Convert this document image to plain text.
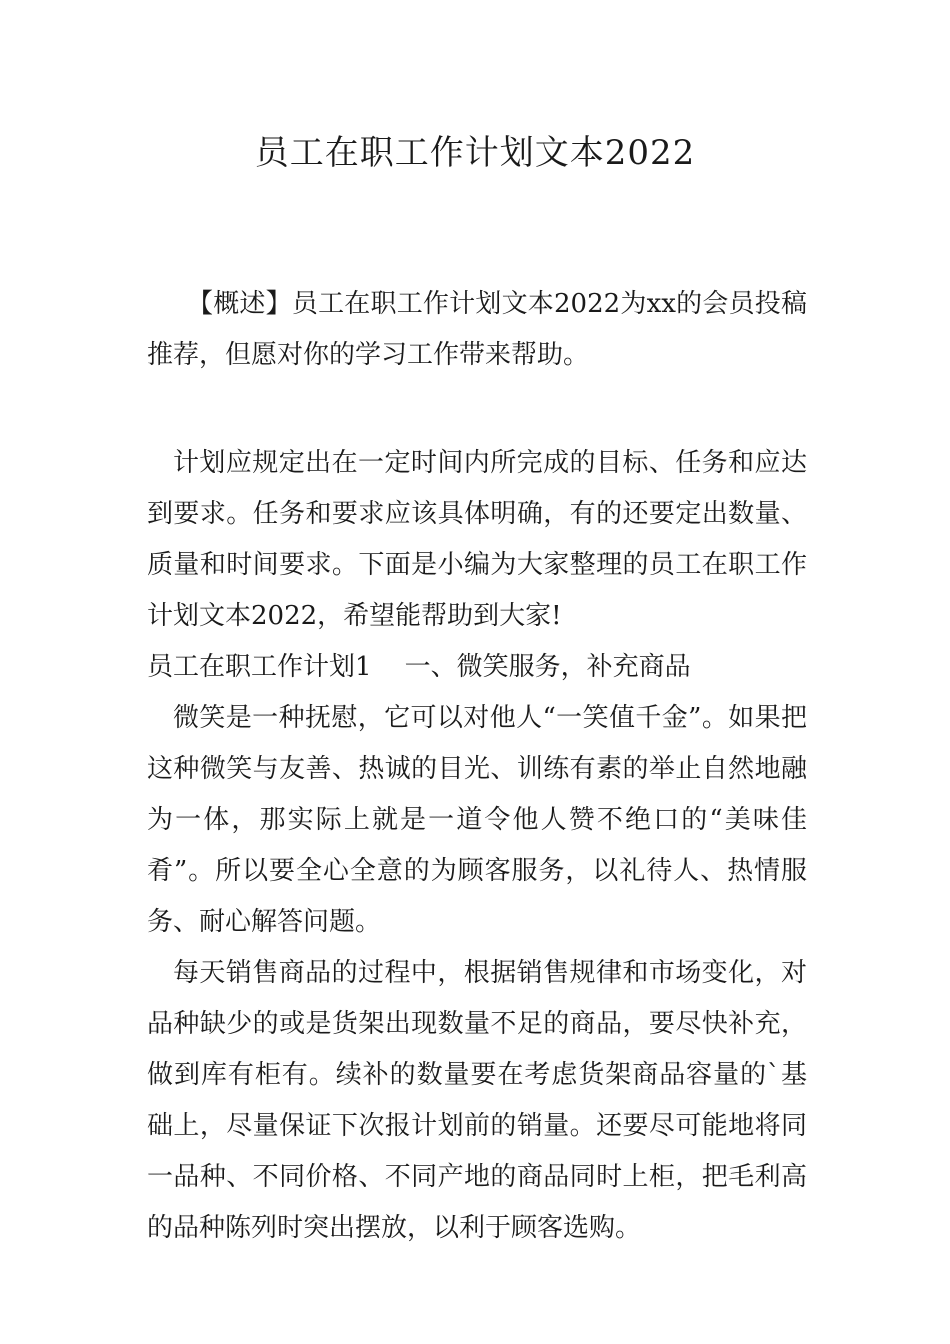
员工在职工作计划文本2022

【概述】员工在职工作计划文本2022为xx的会员投稿推荐，但愿对你的学习工作带来帮助。

计划应规定出在一定时间内所完成的目标、任务和应达到要求。任务和要求应该具体明确，有的还要定出数量、质量和时间要求。下面是小编为大家整理的员工在职工作计划文本2022，希望能帮助到大家!

员工在职工作计划1    一、微笑服务，补充商品

微笑是一种抚慰，它可以对他人“一笑值千金”。如果把这种微笑与友善、热诚的目光、训练有素的举止自然地融为一体，那实际上就是一道令他人赞不绝口的“美味佳肴”。所以要全心全意的为顾客服务，以礼待人、热情服务、耐心解答问题。

每天销售商品的过程中，根据销售规律和市场变化，对品种缺少的或是货架出现数量不足的商品，要尽快补充，做到库有柜有。续补的数量要在考虑货架商品容量的`基础上，尽量保证下次报计划前的销量。还要尽可能地将同一品种、不同价格、不同产地的商品同时上柜，把毛利高的品种陈列时突出摆放，以利于顾客选购。
